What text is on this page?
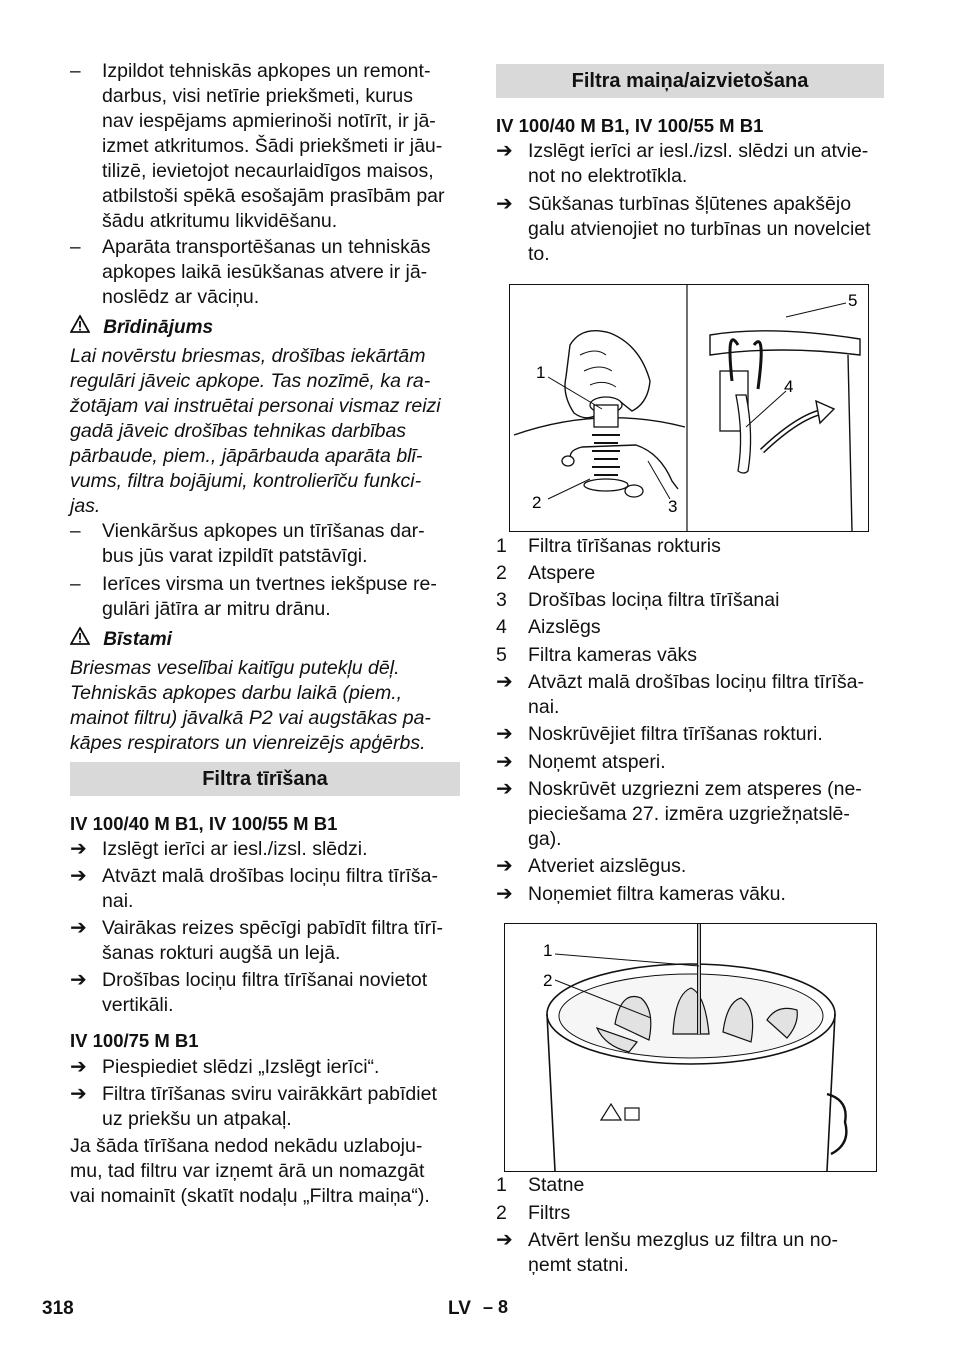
– Izpildot tehniskās apkopes un remont-
darbus, visi netīrie priekšmeti, kurus
nav iespējams apmierinoši notīrīt, ir jā-
izmet atkritumos. Šādi priekšmeti ir jāu-
tilizē, ievietojot necaurlaidīgos maisos,
atbilstoši spēkā esošajām prasībām par
šādu atkritumu likvidēšanu.
– Aparāta transportēšanas un tehniskās
apkopes laikā iesūkšanas atvere ir jā-
noslēdz ar vāciņu.
Brīdinājums
Lai novērstu briesmas, drošības iekārtām
regulāri jāveic apkope. Tas nozīmē, ka ra-
žotājam vai instruētai personai vismaz reizi
gadā jāveic drošības tehnikas darbības
pārbaude, piem., jāpārbauda aparāta blī-
vums, filtra bojājumi, kontrolierīču funkci-
jas.
– Vienkāršus apkopes un tīrīšanas dar-
bus jūs varat izpildīt patstāvīgi.
– Ierīces virsma un tvertnes iekšpuse re-
gulāri jātīra ar mitru drānu.
Bīstami
Briesmas veselībai kaitīgu putekļu dēļ.
Tehniskās apkopes darbu laikā (piem.,
mainot filtru) jāvalkā P2 vai augstākas pa-
kāpes respirators un vienreizējs apģērbs.
Filtra tīrīšana
IV 100/40 M B1, IV 100/55 M B1
➔ Izslēgt ierīci ar iesl./izsl. slēdzi.
➔ Atvāzt malā drošības lociņu filtra tīrīša-
nai.
➔ Vairākas reizes spēcīgi pabīdīt filtra tīrī-
šanas rokturi augšā un lejā.
➔ Drošības lociņu filtra tīrīšanai novietot
vertikāli.
IV 100/75 M B1
➔ Piespiediet slēdzi „Izslēgt ierīci“.
➔ Filtra tīrīšanas sviru vairākkārt pabīdiet
uz priekšu un atpakaļ.
Ja šāda tīrīšana nedod nekādu uzlaboju-
mu, tad filtru var izņemt ārā un nomazgāt
vai nomainīt (skatīt nodaļu „Filtra maiņa“).
Filtra maiņa/aizvietošana
IV 100/40 M B1, IV 100/55 M B1
➔ Izslēgt ierīci ar iesl./izsl. slēdzi un atvie-
not no elektrotīkla.
➔ Sūkšanas turbīnas šļūtenes apakšējo
galu atvienojiet no turbīnas un novelciet
to.
1
2	3
4
5
1 Filtra tīrīšanas rokturis
2 Atspere
3 Drošības lociņa filtra tīrīšanai
4 Aizslēgs
5 Filtra kameras vāks
➔ Atvāzt malā drošības lociņu filtra tīrīša-
nai.
➔ Noskrūvējiet filtra tīrīšanas rokturi.
➔ Noņemt atsperi.
➔ Noskrūvēt uzgriezni zem atsperes (ne-
pieciešama 27. izmēra uzgriežņatslē-
ga).
➔ Atveriet aizslēgus.
➔ Noņemiet filtra kameras vāku.
1
2
1 Statne
2 Filtrs
➔ Atvērt lenšu mezglus uz filtra un no-
ņemt statni.
318	LV – 8
